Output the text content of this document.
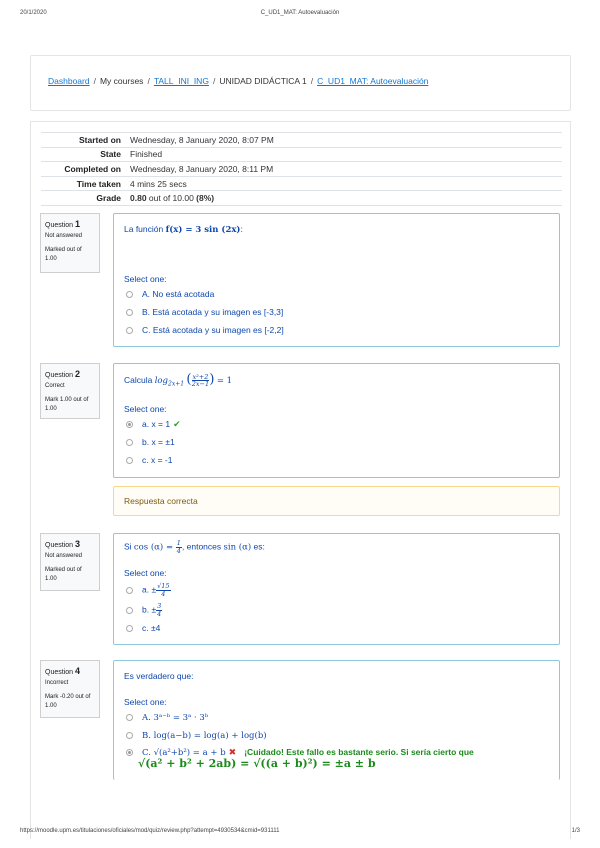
20/1/2020	C_UD1_MAT: Autoevaluación
Dashboard / My courses / TALL_INI_ING / UNIDAD DIDÁCTICA 1 / C_UD1_MAT: Autoevaluación
Started on	Wednesday, 8 January 2020, 8:07 PM
State	Finished
Completed on	Wednesday, 8 January 2020, 8:11 PM
Time taken	4 mins 25 secs
Grade	0.80 out of 10.00 (8%)
Question 1
Not answered
Marked out of 1.00
La función f(x) = 3 sin (2x):
Select one:
A. No está acotada
B. Está acotada y su imagen es [-3,3]
C. Está acotada y su imagen es [-2,2]
Question 2
Correct
Mark 1.00 out of 1.00
Calcula $\log_{2x+1}$ ( $\frac{\text{x²+2}}{2x-1}$ ) = 1
Select one:
a. x = 1 ✔
b. x = ±1
c. x = -1
Respuesta correcta
Question 3
Not answered
Marked out of 1.00
Si $\cos (\alpha) = \frac{1}{4}$ , entonces sin (α) es:
Select one:
a. ± $\frac{√15}{4}$
b. ± $\frac{3}{4}$
c. ±4
Question 4
Incorrect
Mark -0.20 out of 1.00
Es verdadero que:
Select one:
A. 3ᵃ⁻ᵇ = 3ᵃ · 3ᵇ
B. log(a−b) = log(a) + log(b)
C. √(a²+b²) = a + b ✖ ¡Cuidado! Este fallo es bastante serio. Si sería cierto que
√(a² + b² + 2ab) = √((a + b)²) = ±a ± b
https://moodle.upm.es/titulaciones/oficiales/mod/quiz/review.php?attempt=4930534&cmid=931111	1/3
